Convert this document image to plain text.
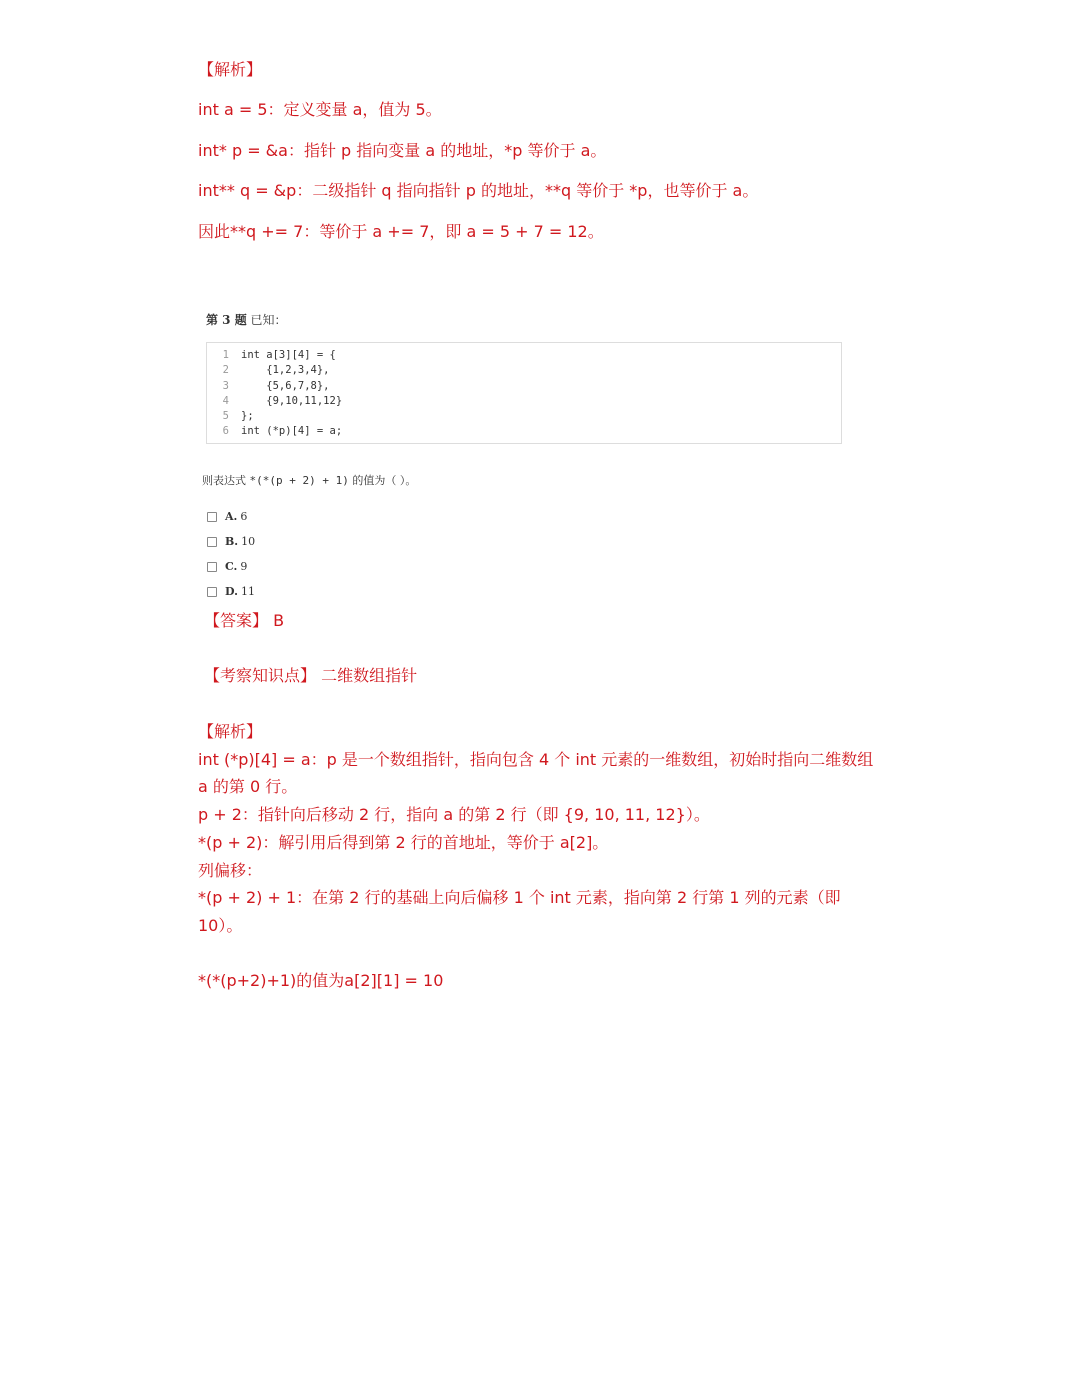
【解析】
int a = 5：定义变量 a，值为 5。
int* p = &a：指针 p 指向变量 a 的地址，*p 等价于 a。
int** q = &p：二级指针 q 指向指针 p 的地址，**q 等价于 *p，也等价于 a。
因此**q += 7：等价于 a += 7，即 a = 5 + 7 = 12。
第 3 题 已知：
1	int a[3][4] = {
2	{1,2,3,4},
3	{5,6,7,8},
4	{9,10,11,12}
5	};
6	int (*p)[4] = a;
则表达式 *(*(p + 2) + 1) 的值为（ ）。
A. 6
B. 10
C. 9
D. 11
【答案】 B
【考察知识点】 二维数组指针
【解析】
int (*p)[4] = a：p 是一个数组指针，指向包含 4 个 int 元素的一维数组，初始时指向二维数组
a 的第 0 行。
p + 2：指针向后移动 2 行，指向 a 的第 2 行（即 {9, 10, 11, 12}）。
*(p + 2)：解引用后得到第 2 行的首地址，等价于 a[2]。
列偏移：
*(p + 2) + 1：在第 2 行的基础上向后偏移 1 个 int 元素，指向第 2 行第 1 列的元素（即
10）。
*(*(p+2)+1)的值为a[2][1] = 10
